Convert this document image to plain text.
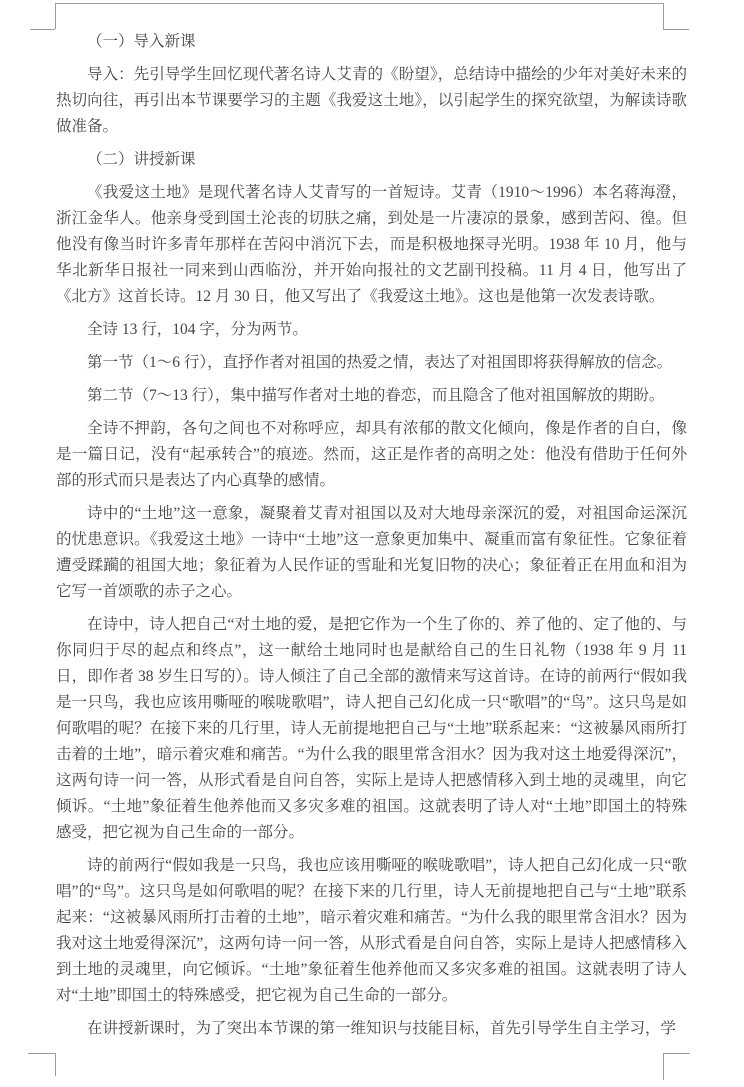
（一）导入新课

导入：先引导学生回忆现代著名诗人艾青的《盼望》，总结诗中描绘的少年对美好未来的热切向往，再引出本节课要学习的主题《我爱这土地》，以引起学生的探究欲望，为解读诗歌做准备。

（二）讲授新课

《我爱这土地》是现代著名诗人艾青写的一首短诗。艾青（1910～1996）本名蒋海澄，浙江金华人。他亲身受到国土沦丧的切肤之痛，到处是一片凄凉的景象，感到苦闷、徨。但他没有像当时许多青年那样在苦闷中消沉下去，而是积极地探寻光明。1938 年 10 月，他与华北新华日报社一同来到山西临汾，并开始向报社的文艺副刊投稿。11 月 4 日，他写出了《北方》这首长诗。12 月 30 日，他又写出了《我爱这土地》。这也是他第一次发表诗歌。

全诗 13 行，104 字，分为两节。

第一节（1～6 行），直抒作者对祖国的热爱之情，表达了对祖国即将获得解放的信念。

第二节（7～13 行），集中描写作者对土地的眷恋，而且隐含了他对祖国解放的期盼。

全诗不押韵，各句之间也不对称呼应，却具有浓郁的散文化倾向，像是作者的自白，像是一篇日记，没有“起承转合”的痕迹。然而，这正是作者的高明之处：他没有借助于任何外部的形式而只是表达了内心真挚的感情。

诗中的“土地”这一意象，凝聚着艾青对祖国以及对大地母亲深沉的爱，对祖国命运深沉的忧患意识。《我爱这土地》一诗中“土地”这一意象更加集中、凝重而富有象征性。它象征着遭受蹂躏的祖国大地；象征着为人民作证的雪耻和光复旧物的决心；象征着正在用血和泪为它写一首颂歌的赤子之心。

在诗中，诗人把自己“对土地的爱，是把它作为一个生了你的、养了他的、定了他的、与你同归于尽的起点和终点”，这一献给土地同时也是献给自己的生日礼物（1938 年 9 月 11 日，即作者 38 岁生日写的）。诗人倾注了自己全部的激情来写这首诗。在诗的前两行“假如我是一只鸟，我也应该用嘶哑的喉咙歌唱”，诗人把自己幻化成一只“歌唱”的“鸟”。这只鸟是如何歌唱的呢？在接下来的几行里，诗人无前提地把自己与“土地”联系起来：“这被暴风雨所打击着的土地”，暗示着灾难和痛苦。“为什么我的眼里常含泪水？因为我对这土地爱得深沉”，这两句诗一问一答，从形式看是自问自答，实际上是诗人把感情移入到土地的灵魂里，向它倾诉。“土地”象征着生他养他而又多灾多难的祖国。这就表明了诗人对“土地”即国土的特殊感受，把它视为自己生命的一部分。

诗的前两行“假如我是一只鸟，我也应该用嘶哑的喉咙歌唱”，诗人把自己幻化成一只“歌唱”的“鸟”。这只鸟是如何歌唱的呢？在接下来的几行里，诗人无前提地把自己与“土地”联系起来：“这被暴风雨所打击着的土地”，暗示着灾难和痛苦。“为什么我的眼里常含泪水？因为我对这土地爱得深沉”，这两句诗一问一答，从形式看是自问自答，实际上是诗人把感情移入到土地的灵魂里，向它倾诉。“土地”象征着生他养他而又多灾多难的祖国。这就表明了诗人对“土地”即国土的特殊感受，把它视为自己生命的一部分。

在讲授新课时，为了突出本节课的第一维知识与技能目标，首先引导学生自主学习，学
